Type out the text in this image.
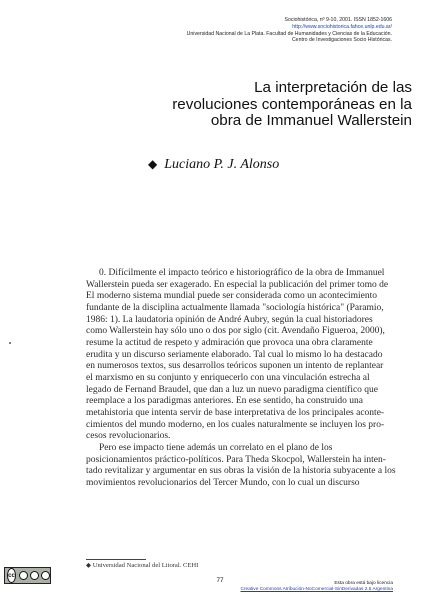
Sociohistórica, nº 9-10, 2001. ISSN 1852-1606
http://www.sociohistorica.fahce.unlp.edu.ar/
Universidad Nacional de La Plata. Facultad de Humanidades y Ciencias de la Educación.
Centro de Investigaciones Socio Históricas.
La interpretación de las
revoluciones contemporáneas en la
obra de Immanuel Wallerstein
◆ Luciano P. J. Alonso
0. Difícilmente el impacto teórico e historiográfico de la obra de Immanuel
Wallerstein pueda ser exagerado. En especial la publicación del primer tomo de
El moderno sistema mundial puede ser considerada como un acontecimiento
fundante de la disciplina actualmente llamada "sociología histórica" (Paramio,
1986: 1). La laudatoria opinión de André Aubry, según la cual historiadores
como Wallerstein hay sólo uno o dos por siglo (cit. Avendaño Figueroa, 2000),
resume la actitud de respeto y admiración que provoca una obra claramente
erudita y un discurso seriamente elaborado. Tal cual lo mismo lo ha destacado
en numerosos textos, sus desarrollos teóricos suponen un intento de replantear
el marxismo en su conjunto y enriquecerlo con una vinculación estrecha al
legado de Fernand Braudel, que dan a luz un nuevo paradigma científico que
reemplace a los paradigmas anteriores. En ese sentido, ha construido una
metahistoria que intenta servir de base interpretativa de los principales aconte-
cimientos del mundo moderno, en los cuales naturalmente se incluyen los pro-
cesos revolucionarios.
Pero ese impacto tiene además un correlato en el plano de los
posicionamientos práctico-políticos. Para Theda Skocpol, Wallerstein ha inten-
tado revitalizar y argumentar en sus obras la visión de la historia subyacente a los
movimientos revolucionarios del Tercer Mundo, con lo cual un discurso
◆ Universidad Nacional del Litoral. CEHI
cc
77	Esta obra está bajo licencia
Creative Commons Atribución-NoComercial-SinDerivadas 2.5 Argentina
